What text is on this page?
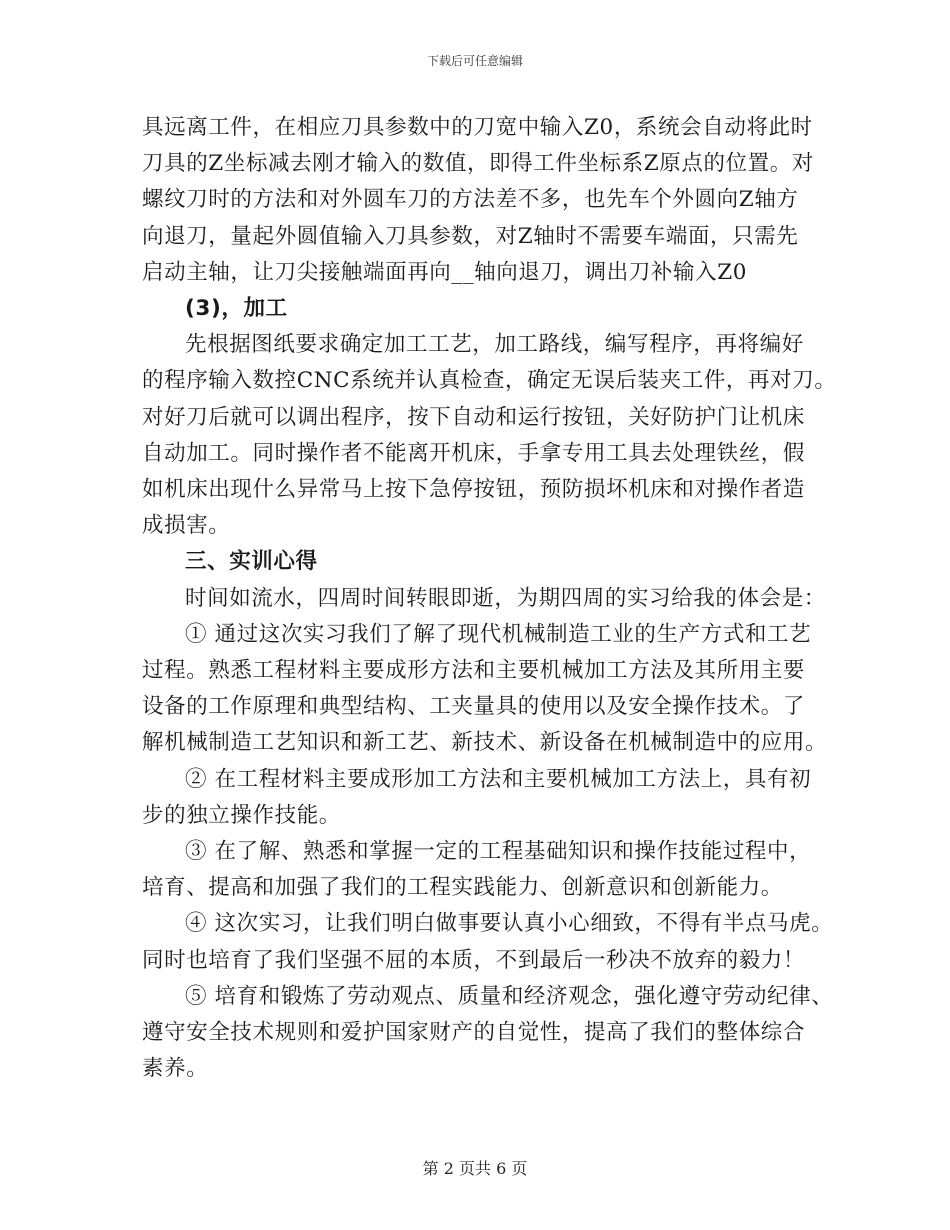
下载后可任意编辑

具远离工件，在相应刀具参数中的刀宽中输入Z0，系统会自动将此时
刀具的Z坐标减去刚才输入的数值，即得工件坐标系Z原点的位置。对
螺纹刀时的方法和对外圆车刀的方法差不多，也先车个外圆向Z轴方
向退刀，量起外圆值输入刀具参数，对Z轴时不需要车端面，只需先
启动主轴，让刀尖接触端面再向__轴向退刀，调出刀补输入Z0

(3)，加工

先根据图纸要求确定加工工艺，加工路线，编写程序，再将编好
的程序输入数控CNC系统并认真检查，确定无误后装夹工件，再对刀。
对好刀后就可以调出程序，按下自动和运行按钮，关好防护门让机床
自动加工。同时操作者不能离开机床，手拿专用工具去处理铁丝，假
如机床出现什么异常马上按下急停按钮，预防损坏机床和对操作者造
成损害。

三、实训心得

时间如流水，四周时间转眼即逝，为期四周的实习给我的体会是：

① 通过这次实习我们了解了现代机械制造工业的生产方式和工艺
过程。熟悉工程材料主要成形方法和主要机械加工方法及其所用主要
设备的工作原理和典型结构、工夹量具的使用以及安全操作技术。了
解机械制造工艺知识和新工艺、新技术、新设备在机械制造中的应用。

② 在工程材料主要成形加工方法和主要机械加工方法上，具有初
步的独立操作技能。

③ 在了解、熟悉和掌握一定的工程基础知识和操作技能过程中，
培育、提高和加强了我们的工程实践能力、创新意识和创新能力。

④ 这次实习，让我们明白做事要认真小心细致，不得有半点马虎。
同时也培育了我们坚强不屈的本质，不到最后一秒决不放弃的毅力！

⑤ 培育和锻炼了劳动观点、质量和经济观念，强化遵守劳动纪律、
遵守安全技术规则和爱护国家财产的自觉性，提高了我们的整体综合
素养。

第 2 页共 6 页
